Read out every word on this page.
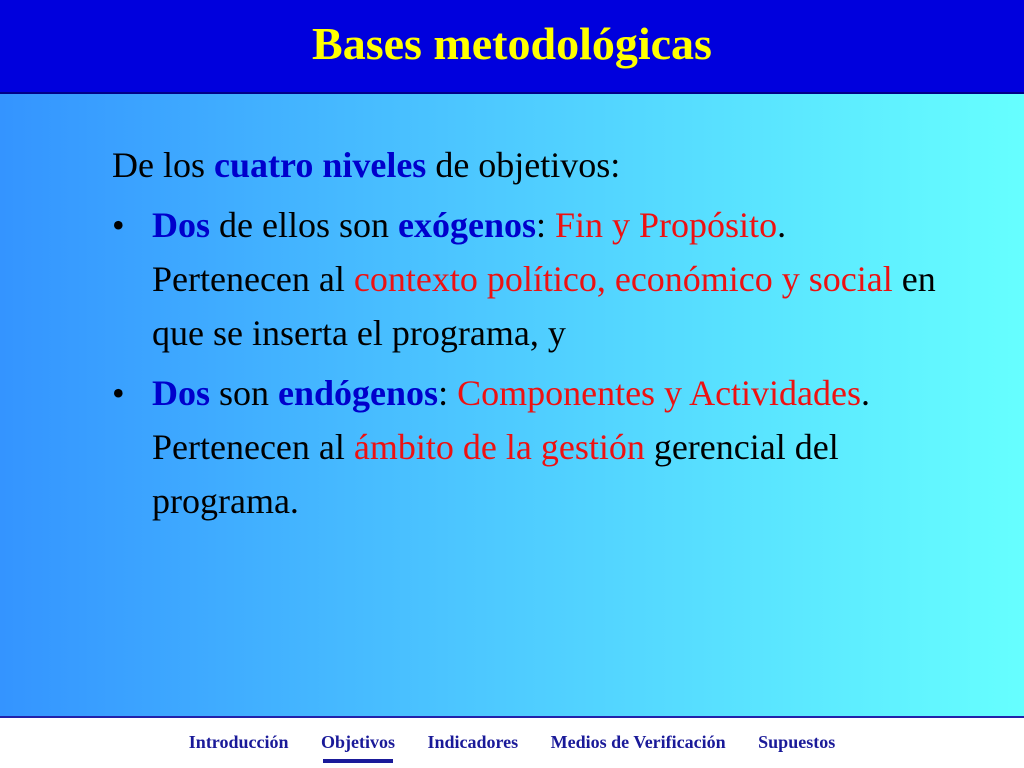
Bases metodológicas

De los cuatro niveles de objetivos:

• Dos de ellos son exógenos: Fin y Propósito. Pertenecen al contexto político, económico y social en que se inserta el programa, y
• Dos son endógenos: Componentes y Actividades. Pertenecen al ámbito de la gestión gerencial del programa.
Introducción Objetivos Indicadores Medios de Verificación Supuestos
